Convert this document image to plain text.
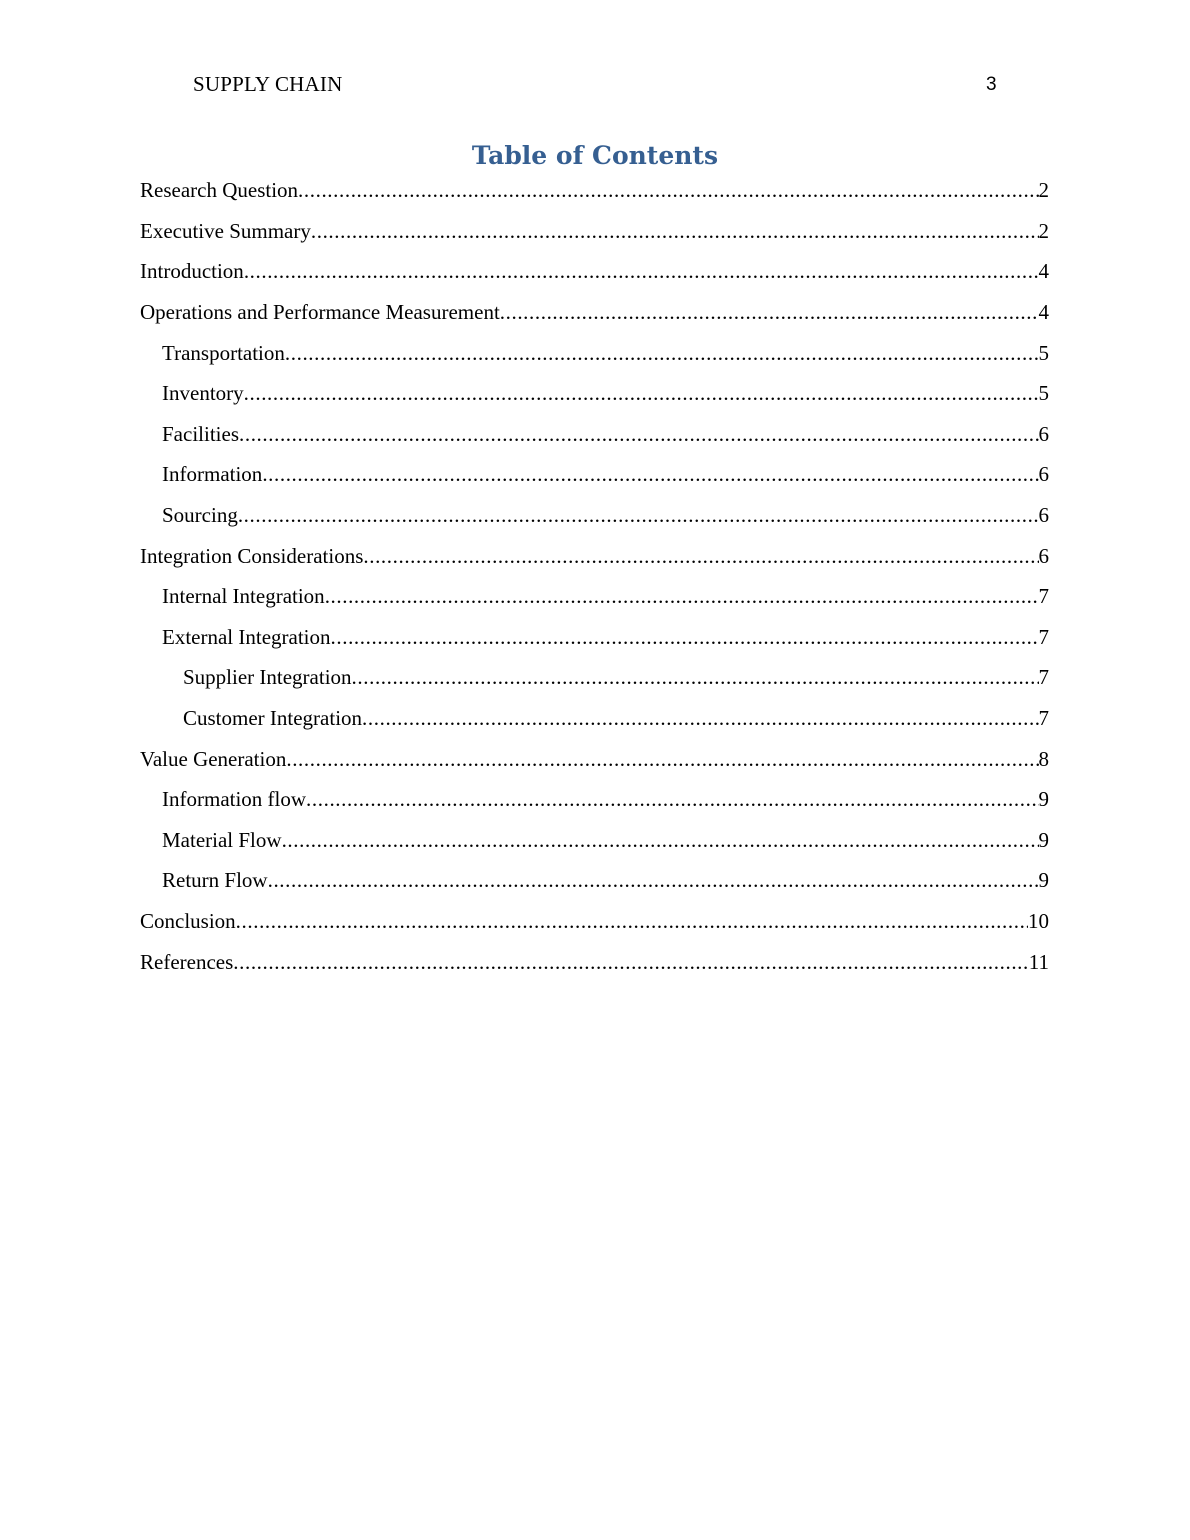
SUPPLY CHAIN	3
Table of Contents
Research Question .....	2
Executive Summary .....	2
Introduction .....	4
Operations and Performance Measurement .....	4
Transportation .....	5
Inventory .....	5
Facilities .....	6
Information .....	6
Sourcing .....	6
Integration Considerations .....	6
Internal Integration .....	7
External Integration .....	7
Supplier Integration .....	7
Customer Integration .....	7
Value Generation .....	8
Information flow .....	9
Material Flow .....	9
Return Flow .....	9
Conclusion .....	10
References .....	11
